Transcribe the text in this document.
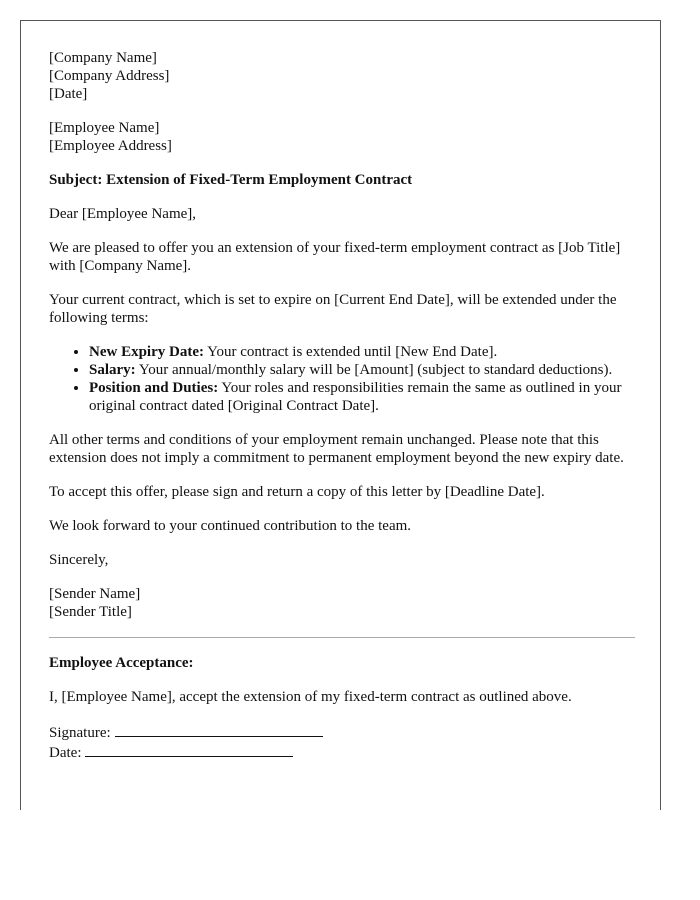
[Company Name]
[Company Address]
[Date]
[Employee Name]
[Employee Address]

Subject: Extension of Fixed-Term Employment Contract

Dear [Employee Name],

We are pleased to offer you an extension of your fixed-term employment contract as [Job Title] with [Company Name].

Your current contract, which is set to expire on [Current End Date], will be extended under the following terms:

• New Expiry Date: Your contract is extended until [New End Date].
• Salary: Your annual/monthly salary will be [Amount] (subject to standard deductions).
• Position and Duties: Your roles and responsibilities remain the same as outlined in your original contract dated [Original Contract Date].

All other terms and conditions of your employment remain unchanged. Please note that this extension does not imply a commitment to permanent employment beyond the new expiry date.

To accept this offer, please sign and return a copy of this letter by [Deadline Date].

We look forward to your continued contribution to the team.

Sincerely,

[Sender Name]
[Sender Title]

Employee Acceptance:

I, [Employee Name], accept the extension of my fixed-term contract as outlined above.

Signature:
Date:
